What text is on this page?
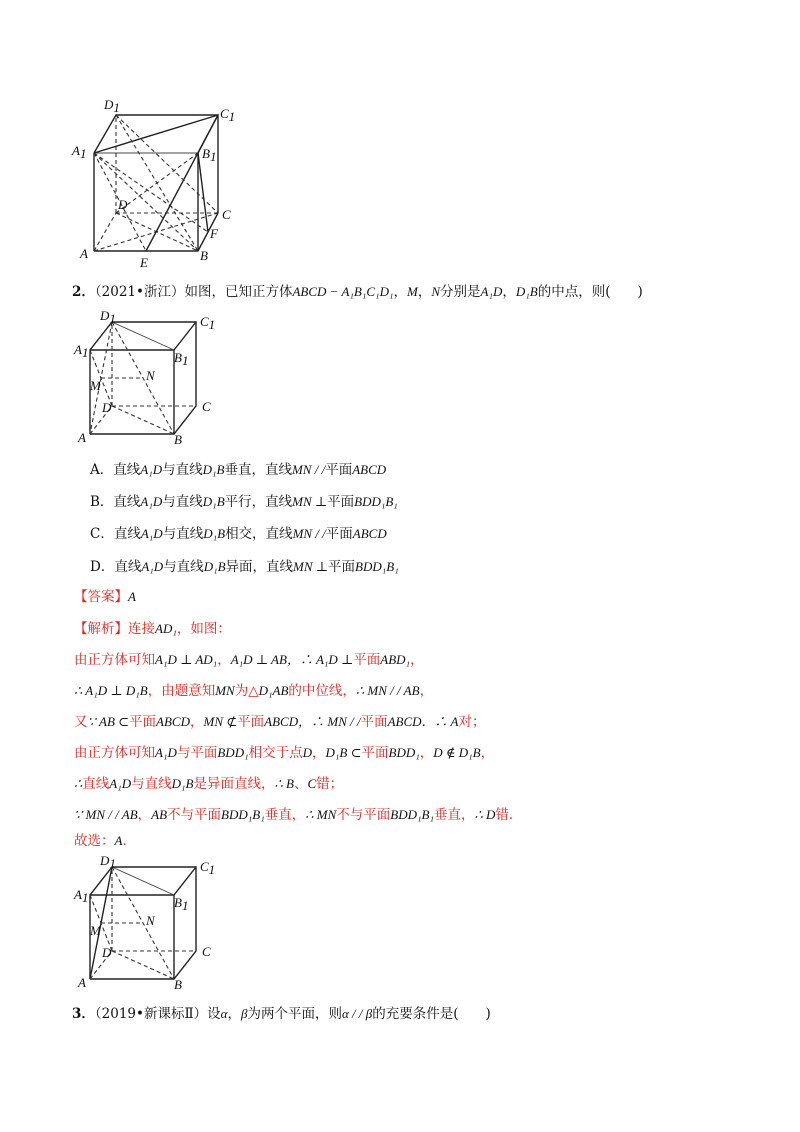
D1	C1
A1	B1
D
C
F
A	B
E
2．（2021•浙江）如图，已知正方体ABCD − A₁B₁C₁D₁，M，N分别是A₁D，D₁B的中点，则(　　)
D1	C1
A1	B1
M
N
D	C
A	B
A．直线A₁D与直线D₁B垂直，直线MN / /平面ABCD
B．直线A₁D与直线D₁B平行，直线MN ⊥平面BDD₁B₁
C．直线A₁D与直线D₁B相交，直线MN / /平面ABCD
D．直线A₁D与直线D₁B异面，直线MN ⊥平面BDD₁B₁
【答案】A
【解析】连接AD₁，如图：
由正方体可知A₁D ⊥ AD₁，A₁D ⊥ AB，∴ A₁D ⊥平面ABD₁，
∴ A₁D ⊥ D₁B，由题意知MN为△D₁AB的中位线，∴ MN / / AB，
又∵ AB ⊂平面ABCD，MN ⊄平面ABCD，∴ MN / /平面ABCD．∴ A对；
由正方体可知A₁D与平面BDD₁相交于点D，D₁B ⊂平面BDD₁，D ∉ D₁B，
∴直线A₁D与直线D₁B是异面直线，∴ B、C错；
∵ MN / / AB，AB不与平面BDD₁B₁垂直，∴ MN不与平面BDD₁B₁垂直，∴ D错．
故选：A．
D1	C1
A1	B1
M
N
D	C
A	B
3．（2019•新课标Ⅱ）设α，β为两个平面，则α / / β的充要条件是(　　)
